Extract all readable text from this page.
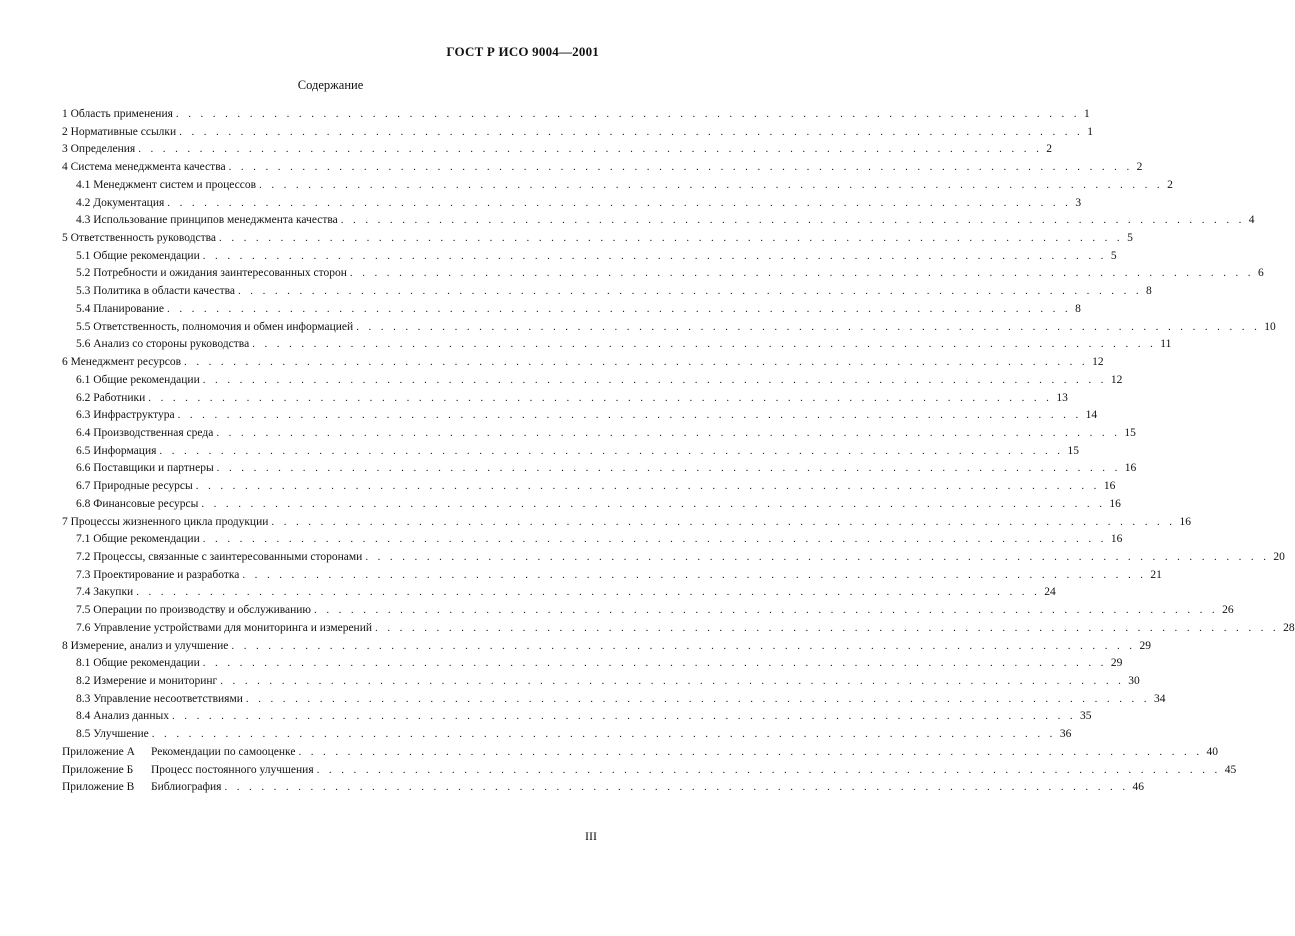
ГОСТ Р ИСО 9004—2001
Содержание
1 Область применения . . . . . . . . . . . . . . . . . . . . . . . . . . . . . . . . . . . . . . . . . . . . . . . . . . . . . . . . . . . . . . . . . . . . . . . . . . 1
2 Нормативные ссылки . . . . . . . . . . . . . . . . . . . . . . . . . . . . . . . . . . . . . . . . . . . . . . . . . . . . . . . . . . . . . . . . . . . . . . . . . . 1
3 Определения . . . . . . . . . . . . . . . . . . . . . . . . . . . . . . . . . . . . . . . . . . . . . . . . . . . . . . . . . . . . . . . . . . . . . . . . . . 2
4 Система менеджмента качества . . . . . . . . . . . . . . . . . . . . . . . . . . . . . . . . . . . . . . . . . . . . . . . . . . . . . . . . . . . . . . . . . . . . . . . . . . 2
4.1 Менеджмент систем и процессов . . . . . . . . . . . . . . . . . . . . . . . . . . . . . . . . . . . . . . . . . . . . . . . . . . . . . . . . . . . . . . . . . . . . . . . . . . 2
4.2 Документация . . . . . . . . . . . . . . . . . . . . . . . . . . . . . . . . . . . . . . . . . . . . . . . . . . . . . . . . . . . . . . . . . . . . . . . . . . 3
4.3 Использование принципов менеджмента качества . . . . . . . . . . . . . . . . . . . . . . . . . . . . . . . . . . . . . . . . . . . . . . . . . . . . . . . . . . . . . . . . . . . . . . . . . . 4
5 Ответственность руководства . . . . . . . . . . . . . . . . . . . . . . . . . . . . . . . . . . . . . . . . . . . . . . . . . . . . . . . . . . . . . . . . . . . . . . . . . . 5
5.1 Общие рекомендации . . . . . . . . . . . . . . . . . . . . . . . . . . . . . . . . . . . . . . . . . . . . . . . . . . . . . . . . . . . . . . . . . . . . . . . . . . 5
5.2 Потребности и ожидания заинтересованных сторон . . . . . . . . . . . . . . . . . . . . . . . . . . . . . . . . . . . . . . . . . . . . . . . . . . . . . . . . . . . . . . . . . . . . . . . . . . 6
5.3 Политика в области качества . . . . . . . . . . . . . . . . . . . . . . . . . . . . . . . . . . . . . . . . . . . . . . . . . . . . . . . . . . . . . . . . . . . . . . . . . . 8
5.4 Планирование . . . . . . . . . . . . . . . . . . . . . . . . . . . . . . . . . . . . . . . . . . . . . . . . . . . . . . . . . . . . . . . . . . . . . . . . . . 8
5.5 Ответственность, полномочия и обмен информацией . . . . . . . . . . . . . . . . . . . . . . . . . . . . . . . . . . . . . . . . . . . . . . . . . . . . . . . . . . . . . . . . . . . . . . . . . . 10
5.6 Анализ со стороны руководства . . . . . . . . . . . . . . . . . . . . . . . . . . . . . . . . . . . . . . . . . . . . . . . . . . . . . . . . . . . . . . . . . . . . . . . . . . 11
6 Менеджмент ресурсов . . . . . . . . . . . . . . . . . . . . . . . . . . . . . . . . . . . . . . . . . . . . . . . . . . . . . . . . . . . . . . . . . . . . . . . . . . 12
6.1 Общие рекомендации . . . . . . . . . . . . . . . . . . . . . . . . . . . . . . . . . . . . . . . . . . . . . . . . . . . . . . . . . . . . . . . . . . . . . . . . . . 12
6.2 Работники . . . . . . . . . . . . . . . . . . . . . . . . . . . . . . . . . . . . . . . . . . . . . . . . . . . . . . . . . . . . . . . . . . . . . . . . . . 13
6.3 Инфраструктура . . . . . . . . . . . . . . . . . . . . . . . . . . . . . . . . . . . . . . . . . . . . . . . . . . . . . . . . . . . . . . . . . . . . . . . . . . 14
6.4 Производственная среда . . . . . . . . . . . . . . . . . . . . . . . . . . . . . . . . . . . . . . . . . . . . . . . . . . . . . . . . . . . . . . . . . . . . . . . . . . 15
6.5 Информация . . . . . . . . . . . . . . . . . . . . . . . . . . . . . . . . . . . . . . . . . . . . . . . . . . . . . . . . . . . . . . . . . . . . . . . . . . 15
6.6 Поставщики и партнеры . . . . . . . . . . . . . . . . . . . . . . . . . . . . . . . . . . . . . . . . . . . . . . . . . . . . . . . . . . . . . . . . . . . . . . . . . . 16
6.7 Природные ресурсы . . . . . . . . . . . . . . . . . . . . . . . . . . . . . . . . . . . . . . . . . . . . . . . . . . . . . . . . . . . . . . . . . . . . . . . . . . 16
6.8 Финансовые ресурсы . . . . . . . . . . . . . . . . . . . . . . . . . . . . . . . . . . . . . . . . . . . . . . . . . . . . . . . . . . . . . . . . . . . . . . . . . . 16
7 Процессы жизненного цикла продукции . . . . . . . . . . . . . . . . . . . . . . . . . . . . . . . . . . . . . . . . . . . . . . . . . . . . . . . . . . . . . . . . . . . . . . . . . . 16
7.1 Общие рекомендации . . . . . . . . . . . . . . . . . . . . . . . . . . . . . . . . . . . . . . . . . . . . . . . . . . . . . . . . . . . . . . . . . . . . . . . . . . 16
7.2 Процессы, связанные с заинтересованными сторонами . . . . . . . . . . . . . . . . . . . . . . . . . . . . . . . . . . . . . . . . . . . . . . . . . . . . . . . . . . . . . . . . . . . . . . . . . . 20
7.3 Проектирование и разработка . . . . . . . . . . . . . . . . . . . . . . . . . . . . . . . . . . . . . . . . . . . . . . . . . . . . . . . . . . . . . . . . . . . . . . . . . . 21
7.4 Закупки . . . . . . . . . . . . . . . . . . . . . . . . . . . . . . . . . . . . . . . . . . . . . . . . . . . . . . . . . . . . . . . . . . . . . . . . . . 24
7.5 Операции по производству и обслуживанию . . . . . . . . . . . . . . . . . . . . . . . . . . . . . . . . . . . . . . . . . . . . . . . . . . . . . . . . . . . . . . . . . . . . . . . . . . 26
7.6 Управление устройствами для мониторинга и измерений . . . . . . . . . . . . . . . . . . . . . . . . . . . . . . . . . . . . . . . . . . . . . . . . . . . . . . . . . . . . . . . . . . . . . . . . . . 28
8 Измерение, анализ и улучшение . . . . . . . . . . . . . . . . . . . . . . . . . . . . . . . . . . . . . . . . . . . . . . . . . . . . . . . . . . . . . . . . . . . . . . . . . . 29
8.1 Общие рекомендации . . . . . . . . . . . . . . . . . . . . . . . . . . . . . . . . . . . . . . . . . . . . . . . . . . . . . . . . . . . . . . . . . . . . . . . . . . 29
8.2 Измерение и мониторинг . . . . . . . . . . . . . . . . . . . . . . . . . . . . . . . . . . . . . . . . . . . . . . . . . . . . . . . . . . . . . . . . . . . . . . . . . . 30
8.3 Управление несоответствиями . . . . . . . . . . . . . . . . . . . . . . . . . . . . . . . . . . . . . . . . . . . . . . . . . . . . . . . . . . . . . . . . . . . . . . . . . . 34
8.4 Анализ данных . . . . . . . . . . . . . . . . . . . . . . . . . . . . . . . . . . . . . . . . . . . . . . . . . . . . . . . . . . . . . . . . . . . . . . . . . . 35
8.5 Улучшение . . . . . . . . . . . . . . . . . . . . . . . . . . . . . . . . . . . . . . . . . . . . . . . . . . . . . . . . . . . . . . . . . . . . . . . . . . 36
Приложение А	Рекомендации по самооценке . . . . . . . . . . . . . . . . . . . . . . . . . . . . . . . . . . . . . . . . . . . . . . . . . . . . . . . . . . . . . . . . . . . . . . . . . . 40
Приложение Б	Процесс постоянного улучшения . . . . . . . . . . . . . . . . . . . . . . . . . . . . . . . . . . . . . . . . . . . . . . . . . . . . . . . . . . . . . . . . . . . . . . . . . . 45
Приложение В	Библиография . . . . . . . . . . . . . . . . . . . . . . . . . . . . . . . . . . . . . . . . . . . . . . . . . . . . . . . . . . . . . . . . . . . . . . . . . . 46
III
